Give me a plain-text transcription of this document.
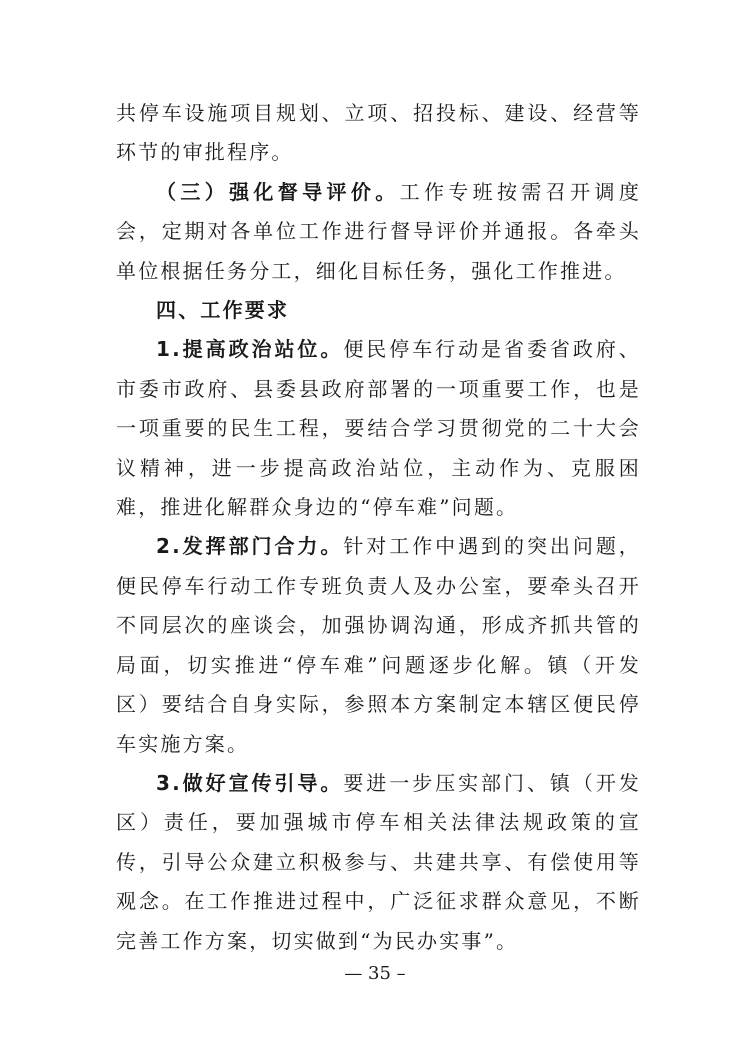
共停车设施项目规划、立项、招投标、建设、经营等环节的审批程序。

（三）强化督导评价。工作专班按需召开调度会，定期对各单位工作进行督导评价并通报。各牵头单位根据任务分工，细化目标任务，强化工作推进。

四、工作要求

1.提高政治站位。便民停车行动是省委省政府、市委市政府、县委县政府部署的一项重要工作，也是一项重要的民生工程，要结合学习贯彻党的二十大会议精神，进一步提高政治站位，主动作为、克服困难，推进化解群众身边的“停车难”问题。

2.发挥部门合力。针对工作中遇到的突出问题，便民停车行动工作专班负责人及办公室，要牵头召开不同层次的座谈会，加强协调沟通，形成齐抓共管的局面，切实推进“停车难”问题逐步化解。镇（开发区）要结合自身实际，参照本方案制定本辖区便民停车实施方案。

3.做好宣传引导。要进一步压实部门、镇（开发区）责任，要加强城市停车相关法律法规政策的宣传，引导公众建立积极参与、共建共享、有偿使用等观念。在工作推进过程中，广泛征求群众意见，不断完善工作方案，切实做到“为民办实事”。

— 35 –
